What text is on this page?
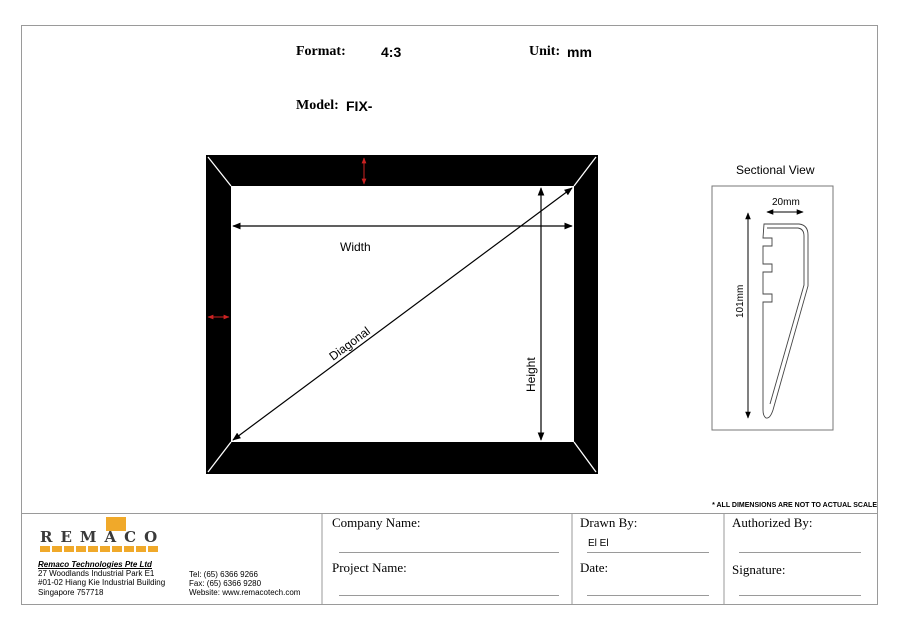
Format:	4:3	Unit: mm
Model: FIX-
101mm
101mm
Width
Height
Diagonal
Sectional View
20mm
101mm
* ALL DIMENSIONS ARE NOT TO ACTUAL SCALE
REMACO
Remaco Technologies Pte Ltd
27 Woodlands Industrial Park E1
#01-02 Hiang Kie Industrial Building
Singapore 757718
Tel: (65) 6366 9266
Fax: (65) 6366 9280
Website: www.remacotech.com
Company Name:
Project Name:
Drawn By:
El El
Date:
Authorized By:
Signature:
